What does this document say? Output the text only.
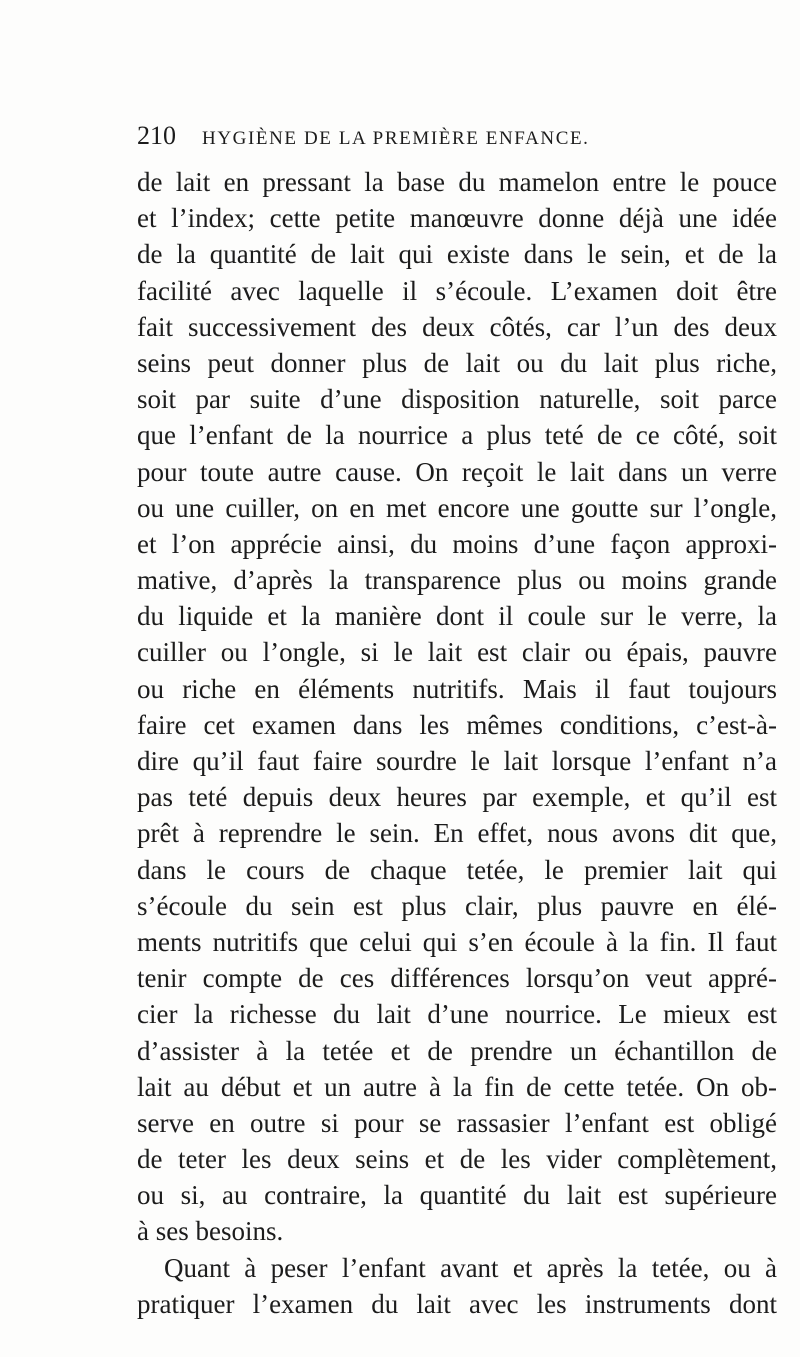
210 HYGIÈNE DE LA PREMIÈRE ENFANCE.
de lait en pressant la base du mamelon entre le pouce
et l’index; cette petite manœuvre donne déjà une idée
de la quantité de lait qui existe dans le sein, et de la
facilité avec laquelle il s’écoule. L’examen doit être
fait successivement des deux côtés, car l’un des deux
seins peut donner plus de lait ou du lait plus riche,
soit par suite d’une disposition naturelle, soit parce
que l’enfant de la nourrice a plus teté de ce côté, soit
pour toute autre cause. On reçoit le lait dans un verre
ou une cuiller, on en met encore une goutte sur l’ongle,
et l’on apprécie ainsi, du moins d’une façon approxi-
mative, d’après la transparence plus ou moins grande
du liquide et la manière dont il coule sur le verre, la
cuiller ou l’ongle, si le lait est clair ou épais, pauvre
ou riche en éléments nutritifs. Mais il faut toujours
faire cet examen dans les mêmes conditions, c’est-à-
dire qu’il faut faire sourdre le lait lorsque l’enfant n’a
pas teté depuis deux heures par exemple, et qu’il est
prêt à reprendre le sein. En effet, nous avons dit que,
dans le cours de chaque tetée, le premier lait qui
s’écoule du sein est plus clair, plus pauvre en élé-
ments nutritifs que celui qui s’en écoule à la fin. Il faut
tenir compte de ces différences lorsqu’on veut appré-
cier la richesse du lait d’une nourrice. Le mieux est
d’assister à la tetée et de prendre un échantillon de
lait au début et un autre à la fin de cette tetée. On ob-
serve en outre si pour se rassasier l’enfant est obligé
de teter les deux seins et de les vider complètement,
ou si, au contraire, la quantité du lait est supérieure
à ses besoins.
Quant à peser l’enfant avant et après la tetée, ou à
pratiquer l’examen du lait avec les instruments dont
